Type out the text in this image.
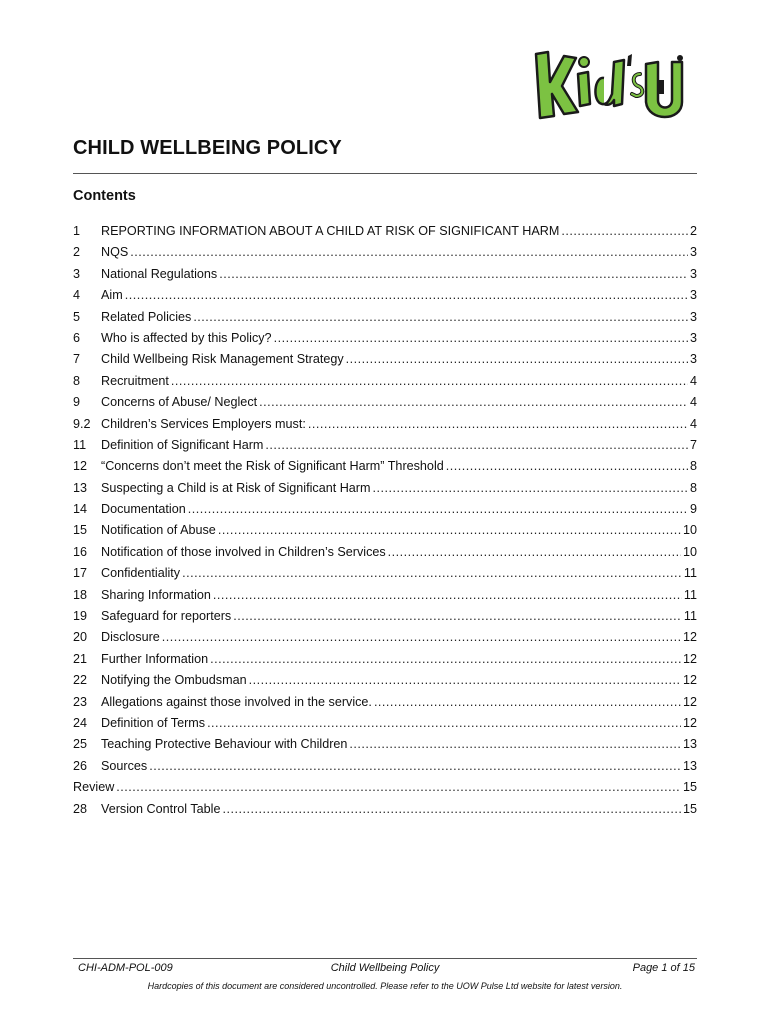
CHILD WELLBEING POLICY
Contents
1	REPORTING INFORMATION ABOUT A CHILD AT RISK OF SIGNIFICANT HARM .....	2
2	NQS .....	3
3	National Regulations .....	3
4	Aim .....	3
5	Related Policies .....	3
6	Who is affected by this Policy? .....	3
7	Child Wellbeing Risk Management Strategy .....	3
8	Recruitment .....	4
9	Concerns of Abuse/ Neglect .....	4
9.2 Children’s Services Employers must: .....	4
11	Definition of Significant Harm .....	7
12	“Concerns don’t meet the Risk of Significant Harm” Threshold .....	8
13	Suspecting a Child is at Risk of Significant Harm .....	8
14	Documentation .....	9
15	Notification of Abuse .....	10
16	Notification of those involved in Children’s Services .....	10
17	Confidentiality .....	11
18	Sharing Information .....	11
19	Safeguard for reporters .....	11
20	Disclosure .....	12
21	Further Information .....	12
22	Notifying the Ombudsman .....	12
23	Allegations against those involved in the service. .....	12
24	Definition of Terms .....	12
25	Teaching Protective Behaviour with Children .....	13
26	Sources .....	13
Review .....	15
28	Version Control Table .....	15
CHI-ADM-POL-009	Child Wellbeing Policy	Page 1 of 15
Hardcopies of this document are considered uncontrolled. Please refer to the UOW Pulse Ltd website for latest version.
